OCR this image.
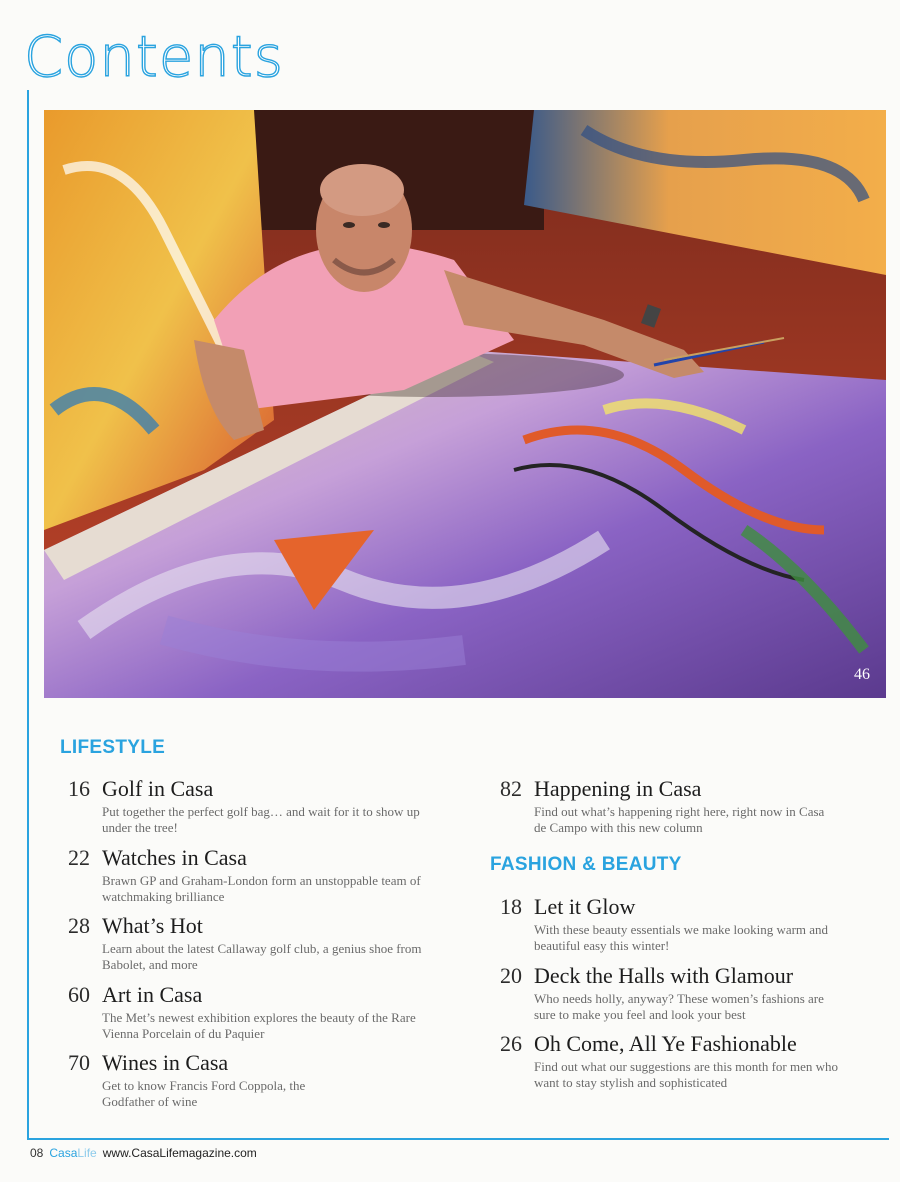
Contents
46
LIFESTYLE
16 Golf in Casa
Put together the perfect golf bag… and wait for it to show up under the tree!
22 Watches in Casa
Brawn GP and Graham-London form an unstoppable team of watchmaking brilliance
28 What’s Hot
Learn about the latest Callaway golf club, a genius shoe from Babolet, and more
60 Art in Casa
The Met’s newest exhibition explores the beauty of the Rare Vienna Porcelain of du Paquier
70 Wines in Casa
Get to know Francis Ford Coppola, the Godfather of wine
82 Happening in Casa
Find out what’s happening right here, right now in Casa de Campo with this new column
FASHION & BEAUTY
18 Let it Glow
With these beauty essentials we make looking warm and beautiful easy this winter!
20 Deck the Halls with Glamour
Who needs holly, anyway? These women’s fashions are sure to make you feel and look your best
26 Oh Come, All Ye Fashionable
Find out what our suggestions are this month for men who want to stay stylish and sophisticated
08 CasaLife www.CasaLifemagazine.com
